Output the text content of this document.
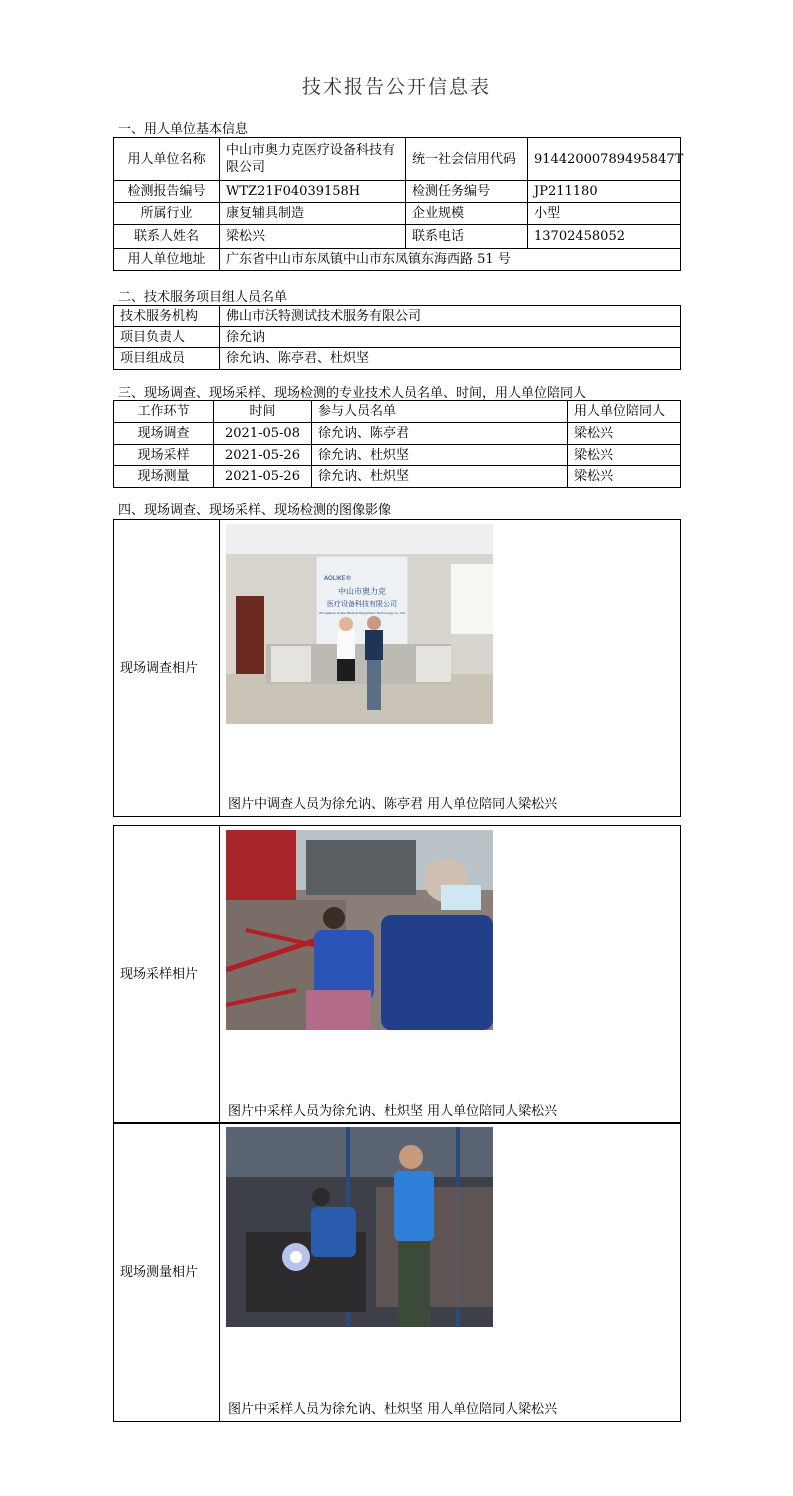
技术报告公开信息表
一、用人单位基本信息
用人单位名称	中山市奥力克医疗设备科技有限公司	统一社会信用代码	91442000789495847T
检测报告编号	WTZ21F04039158H	检测任务编号	JP211180
所属行业	康复辅具制造	企业规模	小型
联系人姓名	梁松兴	联系电话	13702458052
用人单位地址	广东省中山市东凤镇中山市东凤镇东海西路 51 号		
二、技术服务项目组人员名单
技术服务机构	佛山市沃特测试技术服务有限公司
项目负责人	徐允讷
项目组成员	徐允讷、陈亭君、杜炽坚
三、现场调查、现场采样、现场检测的专业技术人员名单、时间，用人单位陪同人
工作环节	时间	参与人员名单	用人单位陪同人
现场调查	2021-05-08	徐允讷、陈亭君	梁松兴
现场采样	2021-05-26	徐允讷、杜炽坚	梁松兴
现场测量	2021-05-26	徐允讷、杜炽坚	梁松兴
四、现场调查、现场采样、现场检测的图像影像
现场调查相片	
AOLIKE®
中山市奥力克
医疗设备科技有限公司
Zhongshan Aolike Medical Equipment Technology Co.,Ltd
图片中调查人员为徐允讷、陈亭君 用人单位陪同人梁松兴
现场采样相片	
图片中采样人员为徐允讷、杜炽坚 用人单位陪同人梁松兴
现场测量相片	
图片中采样人员为徐允讷、杜炽坚 用人单位陪同人梁松兴
